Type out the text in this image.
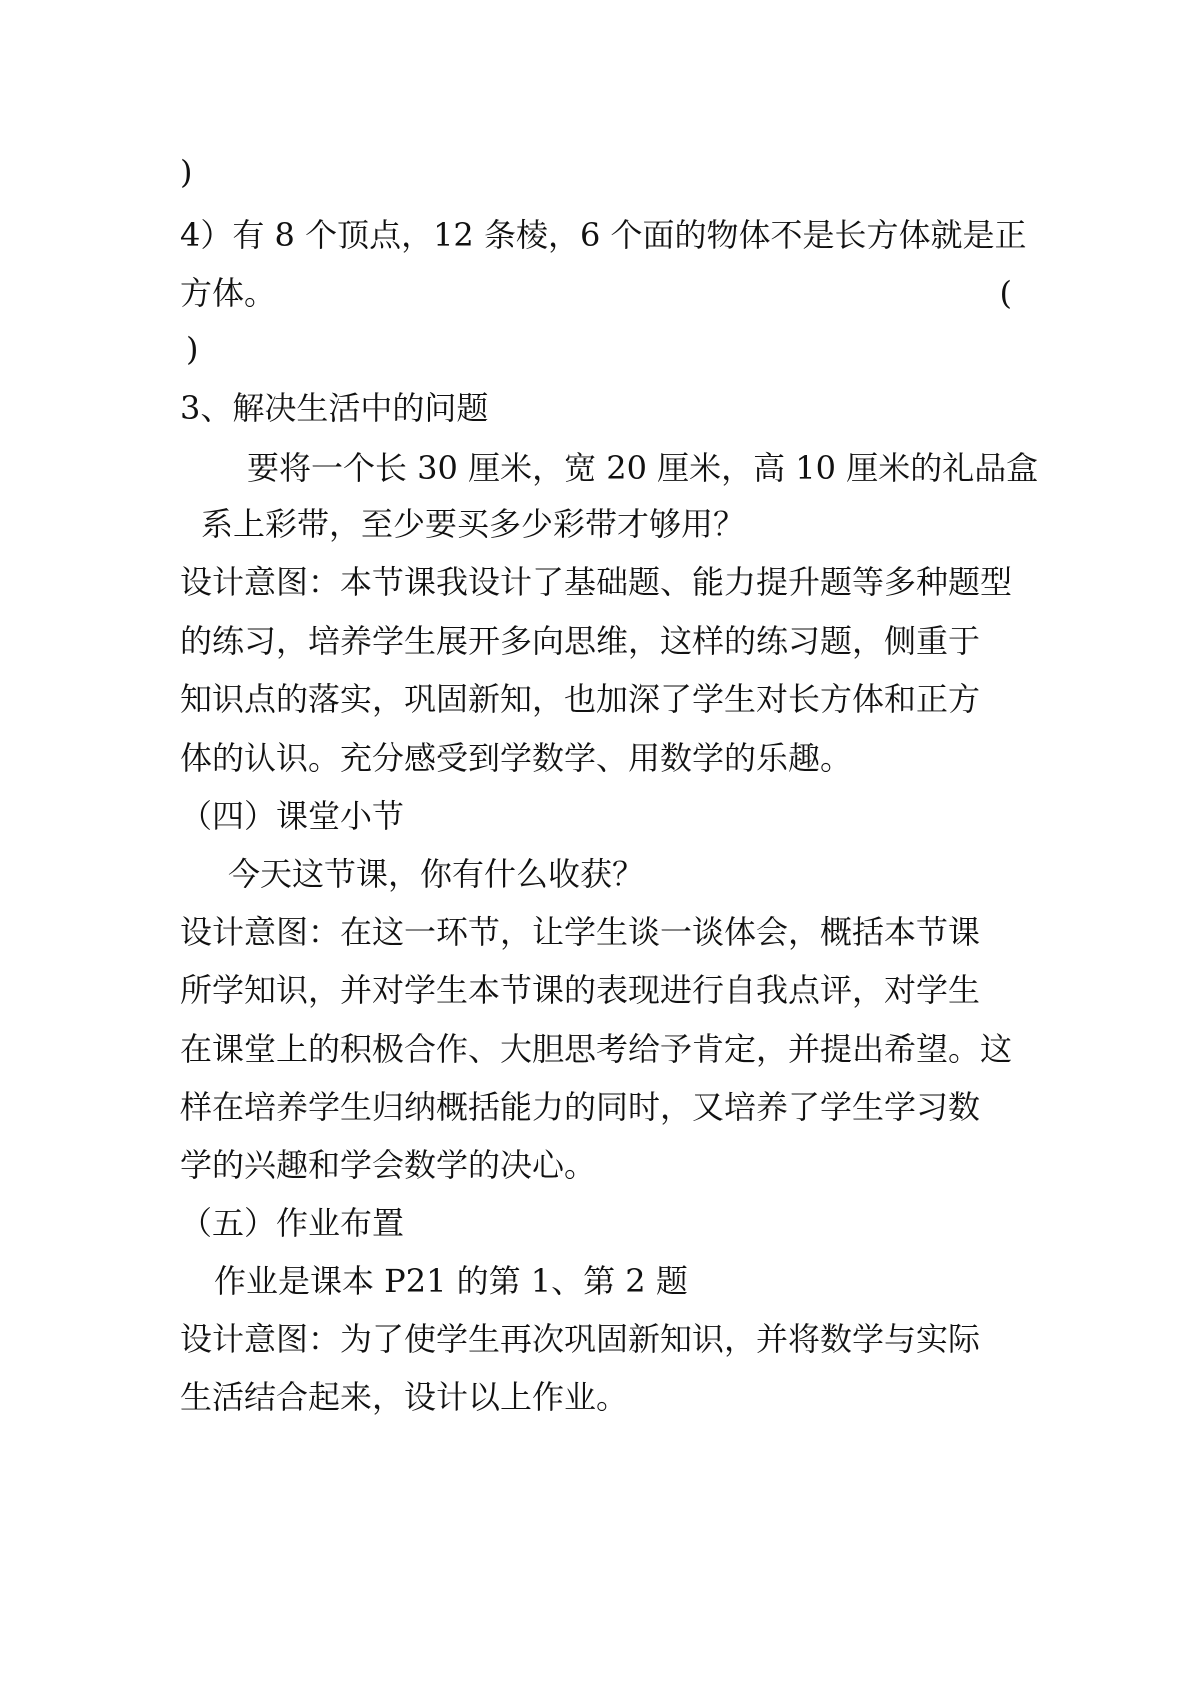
)
4）有 8 个顶点，12 条棱，6 个面的物体不是长方体就是正
方体。	(
)
3、解决生活中的问题
要将一个长 30 厘米，宽 20 厘米，高 10 厘米的礼品盒
系上彩带，至少要买多少彩带才够用？
设计意图：本节课我设计了基础题、能力提升题等多种题型
的练习，培养学生展开多向思维，这样的练习题，侧重于
知识点的落实，巩固新知，也加深了学生对长方体和正方
体的认识。充分感受到学数学、用数学的乐趣。
（四）课堂小节
今天这节课，你有什么收获？
设计意图：在这一环节，让学生谈一谈体会，概括本节课
所学知识，并对学生本节课的表现进行自我点评，对学生
在课堂上的积极合作、大胆思考给予肯定，并提出希望。这
样在培养学生归纳概括能力的同时，又培养了学生学习数
学的兴趣和学会数学的决心。
（五）作业布置
作业是课本 P21 的第 1、第 2 题
设计意图：为了使学生再次巩固新知识，并将数学与实际
生活结合起来，设计以上作业。
